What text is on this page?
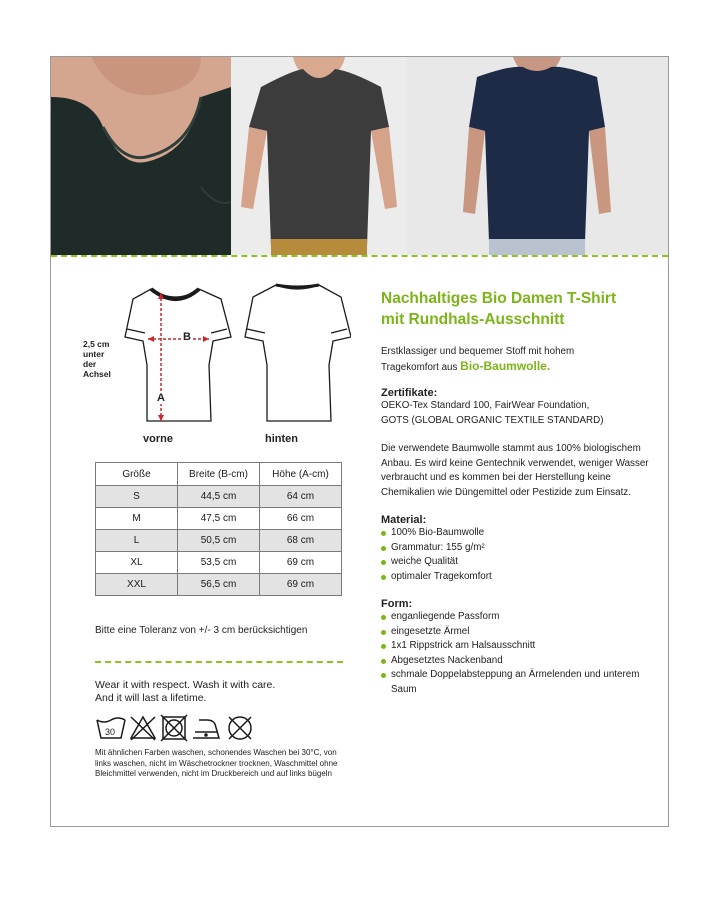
B
A
2,5 cm
unter
der
Achsel
vorne	hinten
Größe	Breite (B-cm)	Höhe (A-cm)
S	44,5 cm	64 cm
M	47,5 cm	66 cm
L	50,5 cm	68 cm
XL	53,5 cm	69 cm
XXL	56,5 cm	69 cm
Bitte eine Toleranz von +/- 3 cm berücksichtigen
Wear it with respect. Wash it with care.
And it will last a lifetime.
30
Mit ähnlichen Farben waschen, schonendes Waschen bei 30°C, von links waschen, nicht im Wäschetrockner trocknen, Waschmittel ohne Bleichmittel verwenden, nicht im Druckbereich und auf links bügeln
Nachhaltiges Bio Damen T-Shirt
mit Rundhals-Ausschnitt
Erstklassiger und bequemer Stoff mit hohem
Tragekomfort aus Bio-Baumwolle.
Zertifikate:
OEKO-Tex Standard 100, FairWear Foundation,
GOTS (GLOBAL ORGANIC TEXTILE STANDARD)
Die verwendete Baumwolle stammt aus 100% biologischem Anbau. Es wird keine Gentechnik verwendet, weniger Wasser verbraucht und es kommen bei der Herstellung keine Chemikalien wie Düngemittel oder Pestizide zum Einsatz.
Material:
100% Bio-Baumwolle
Grammatur: 155 g/m²
weiche Qualität
optimaler Tragekomfort
Form:
enganliegende Passform
eingesetzte Ärmel
1x1 Rippstrick am Halsausschnitt
Abgesetztes Nackenband
schmale Doppelabsteppung an Ärmelenden und unterem Saum
